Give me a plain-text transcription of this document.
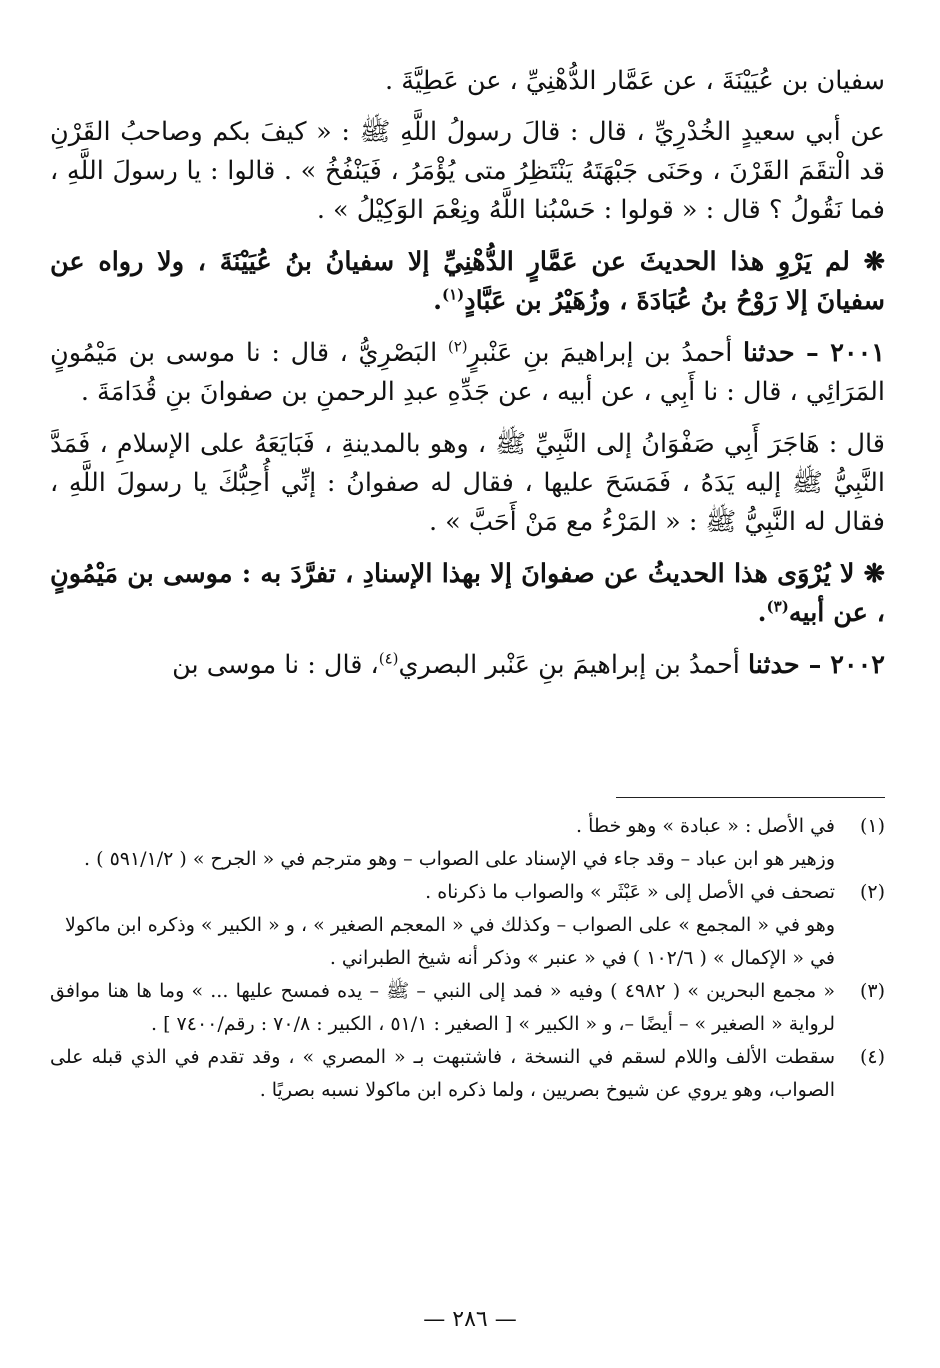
سفيان بن عُيَيْنَةَ ، عن عَمَّار الدُّهْنِيِّ ، عن عَطِيَّةَ .

عن أبي سعيدٍ الخُدْرِيِّ ، قال : قالَ رسولُ اللَّهِ ﷺ : « كيفَ بكم وصاحبُ القَرْنِ قد الْتقَمَ القَرْنَ ، وحَنَى جَبْهَتَهُ يَنْتَظِرُ متى يُؤْمَرُ ، فَيَنْفُخُ » . قالوا : يا رسولَ اللَّهِ ، فما نَقُولُ ؟ قال : « قولوا : حَسْبُنا اللَّهُ ونِعْمَ الوَكِيْلُ » .

❋ لم يَرْوِ هذا الحديثَ عن عَمَّارٍ الدُّهْنِيِّ إلا سفيانُ بنُ عُيَيْنَةَ ، ولا رواه عن سفيانَ إلا رَوْحُ بنُ عُبَادَةَ ، وزُهَيْرُ بن عَبَّادٍ$^{(١)}$.

٢٠٠١ – حدثنا أحمدُ بن إبراهيمَ بنِ عَنْبرٍ$^{(٢)}$ البَصْرِيُّ ، قال : نا موسى بن مَيْمُونٍ المَرَائِي ، قال : نا أَبِي ، عن أبيه ، عن جَدِّهِ عبدِ الرحمنِ بن صفوانَ بنِ قُدَامَةَ .

قال : هَاجَرَ أَبِي صَفْوَانُ إلى النَّبِيِّ ﷺ ، وهو بالمدينةِ ، فَبَايَعَهُ على الإسلامِ ، فَمَدَّ النَّبِيُّ ﷺ إليه يَدَهُ ، فَمَسَحَ عليها ، فقال له صفوانُ : إنِّي أُحِبُّكَ يا رسولَ اللَّهِ ، فقال له النَّبِيُّ ﷺ : « المَرْءُ مع مَنْ أَحَبَّ » .

❋ لا يُرْوَى هذا الحديثُ عن صفوانَ إلا بهذا الإسنادِ ، تفرَّدَ به : موسى بن مَيْمُونٍ ، عن أبيه$^{(٣)}$.

٢٠٠٢ – حدثنا أحمدُ بن إبراهيمَ بنِ عَنْبر البصري$^{(٤)}$، قال : نا موسى بن

(١)
في الأصل : « عبادة » وهو خطأ .
وزهير هو ابن عباد – وقد جاء في الإسناد على الصواب – وهو مترجم في « الجرح » ( ٥٩١/١/٢ ) .
(٢)
تصحف في الأصل إلى « عَبْثَر » والصواب ما ذكرناه .
وهو في « المجمع » على الصواب – وكذلك في « المعجم الصغير » ، و « الكبير » وذكره ابن ماكولا في « الإكمال » ( ١٠٢/٦ ) في « عنبر » وذكر أنه شيخ الطبراني .
(٣)
« مجمع البحرين » ( ٤٩٨٢ ) وفيه « فمد إلى النبي – ﷺ – يده فمسح عليها ... » وما ها هنا موافق لرواية « الصغير » – أيضًا –، و « الكبير » [ الصغير : ٥١/١ ، الكبير : ٧٠/٨ : رقم/٧٤٠٠ ] .
(٤)
سقطت الألف واللام لسقم في النسخة ، فاشتبهت بـ « المصري » ، وقد تقدم في الذي قبله على الصواب، وهو يروي عن شيوخ بصريين ، ولما ذكره ابن ماكولا نسبه بصريًا .
— ٢٨٦ —
